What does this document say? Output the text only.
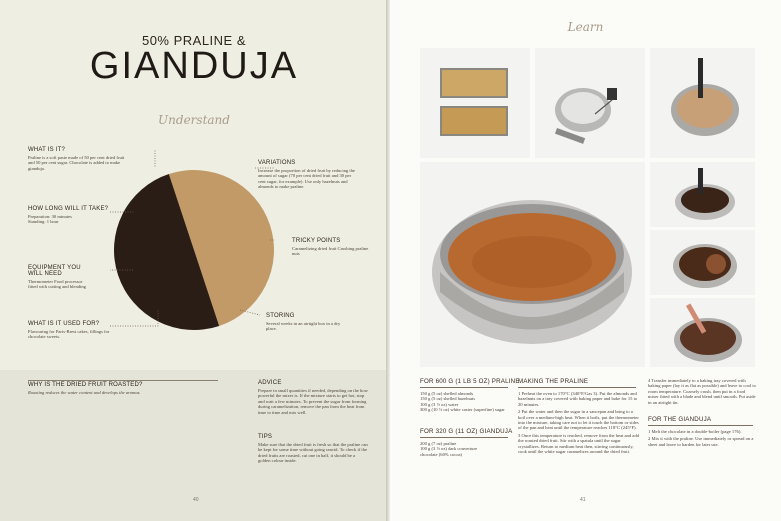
50% PRALINE &
GIANDUJA
Understand
WHAT IS IT?
Praline is a soft paste made of 50 per cent dried fruit and 50 per cent sugar. Chocolate is added to make gianduja.
HOW LONG WILL IT TAKE?
Preparation: 30 minutes Standing: 1 hour
EQUIPMENT YOU WILL NEED
Thermometer Food processor fitted with cutting and blending
WHAT IS IT USED FOR?
Flavouring for Paris-Brest cakes, fillings for chocolate sweets.
VARIATIONS
Increase the proportion of dried fruit by reducing the amount of sugar (70 per cent dried fruit and 30 per cent sugar, for example). Use only hazelnuts and almonds to make praline.
TRICKY POINTS
Caramelizing dried fruit Crushing praline nuts
STORING
Several weeks in an airtight box in a dry place.
WHY IS THE DRIED FRUIT ROASTED?
Roasting reduces the water content and develops the aromas.
ADVICE
Prepare in small quantities if needed, depending on the how powerful the mixer is. If the mixture starts to get hot, stop and wait a few minutes. To prevent the sugar from forming during caramelization, remove the pan from the heat from time to time and mix well.
TIPS
Make sure that the dried fruit is fresh so that the praline can be kept for some time without going rancid. To check if the dried fruits are roasted, cut one in half, it should be a golden colour inside.
40
Learn
FOR 600 G (1 LB 5 OZ) PRALINE
150 g (5 oz) shelled almonds
150 g (5 oz) shelled hazelnuts
100 g (3 ½ oz) water
300 g (10 ½ oz) white caster (superfine) sugar
FOR 320 G (11 OZ) GIANDUJA
200 g (7 oz) praline
100 g (3 ½ oz) dark couverture
chocolate (60% cocoa)
MAKING THE PRALINE
1 Preheat the oven to 170°C (340°F/Gas 3). Put the almonds and hazelnuts on a tray covered with baking paper and bake for 15 to 20 minutes.
2 Put the water and then the sugar in a saucepan and bring to a boil over a medium-high heat. When it boils, put the thermometer into the mixture, taking care not to let it touch the bottom or sides of the pan and heat until the temperature reaches 118°C (245°F).
3 Once this temperature is reached, remove from the heat and add the roasted dried fruit. Stir with a spatula until the sugar crystallizes. Return to medium heat then, stirring continuously, cook until the white sugar caramelizes around the dried fruit.
4 Transfer immediately to a baking tray covered with baking paper (lay it as flat as possible) and leave to cool to room temperature. Coarsely crush, then put in a food mixer fitted with a blade and blend until smooth. Put aside in an airtight tin.
FOR THE GIANDUJA
1 Melt the chocolate in a double-boiler (page 176).
2 Mix it with the praline. Use immediately or spread on a sheet and leave to harden for later use.
41
